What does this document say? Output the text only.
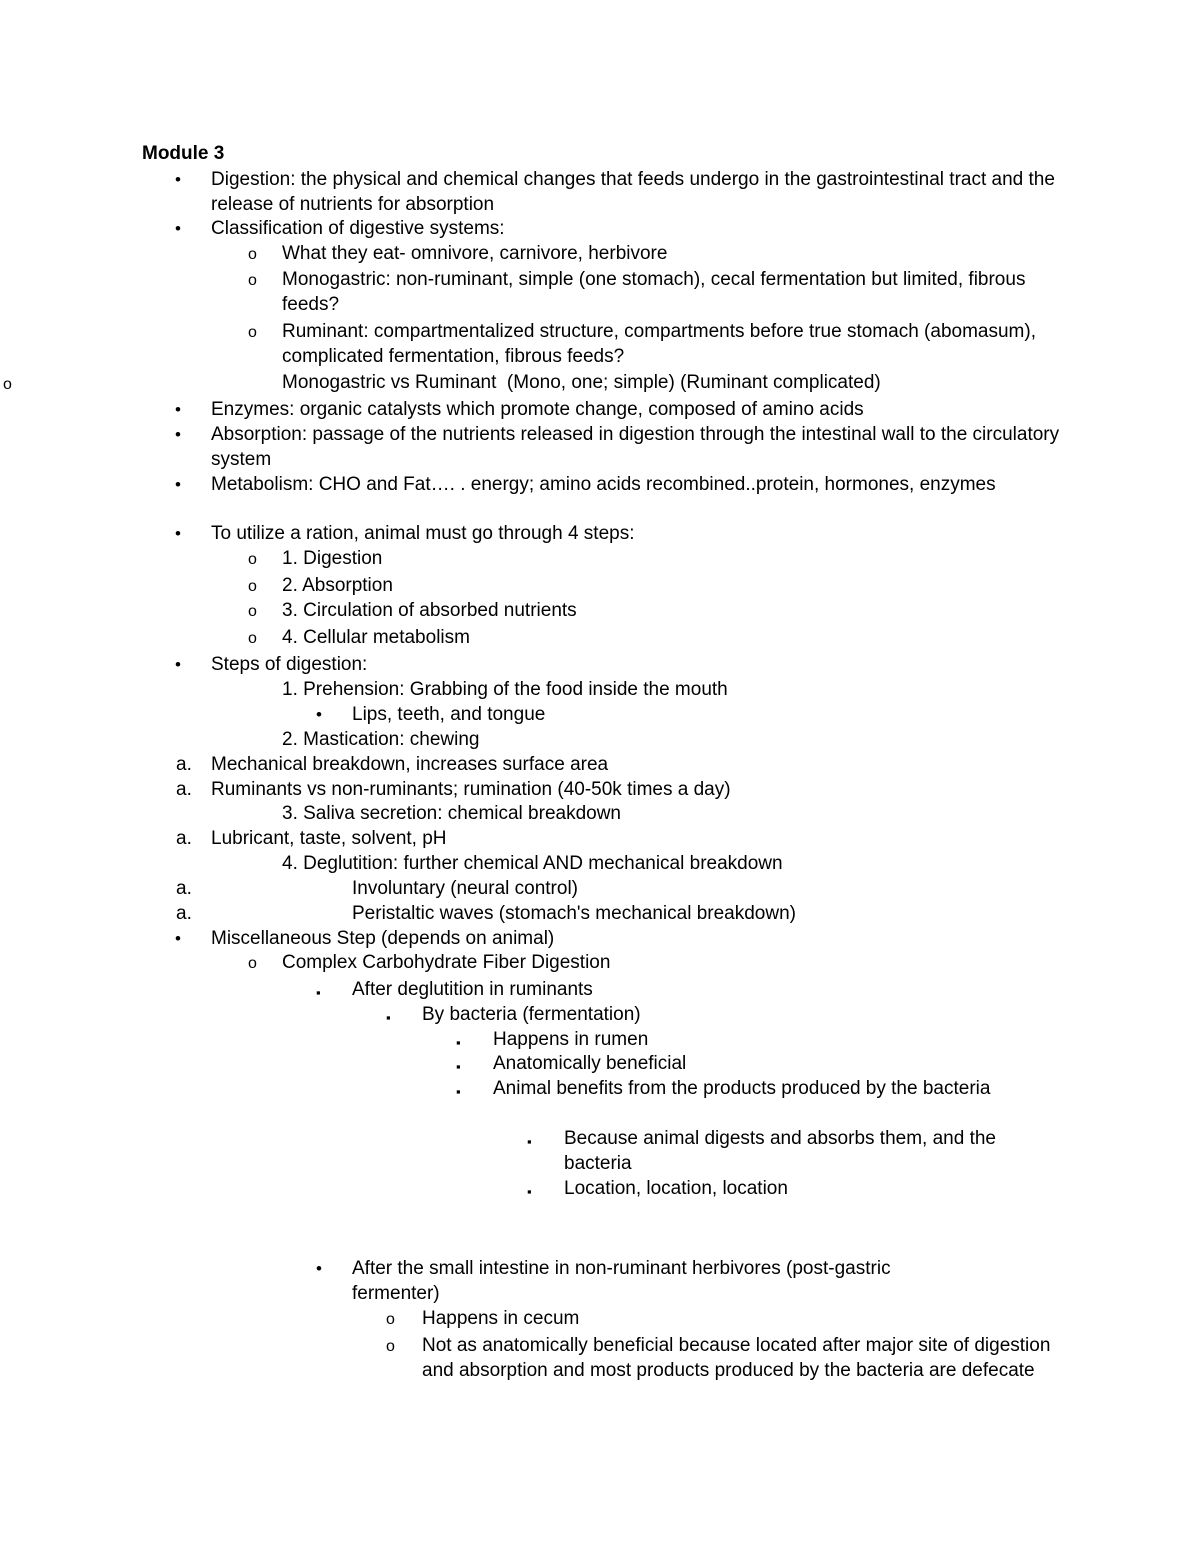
Module 3
• Digestion: the physical and chemical changes that feeds undergo in the gastrointestinal tract and the release of nutrients for absorption
• Classification of digestive systems:
o What they eat- omnivore, carnivore, herbivore
o Monogastric: non-ruminant, simple (one stomach), cecal fermentation but limited, fibrous feeds?
o Ruminant: compartmentalized structure, compartments before true stomach (abomasum), complicated fermentation, fibrous feeds?
Monogastric vs Ruminant  (Mono, one; simple) (Ruminant complicated)
• Enzymes: organic catalysts which promote change, composed of amino acids
• Absorption: passage of the nutrients released in digestion through the intestinal wall to the circulatory system
• Metabolism: CHO and Fat…. . energy; amino acids recombined..protein, hormones, enzymes
• To utilize a ration, animal must go through 4 steps:
o 1. Digestion
o 2. Absorption
o 3. Circulation of absorbed nutrients
o 4. Cellular metabolism
• Steps of digestion:
1. Prehension: Grabbing of the food inside the mouth
• Lips, teeth, and tongue
2. Mastication: chewing
a. Mechanical breakdown, increases surface area
a. Ruminants vs non-ruminants; rumination (40-50k times a day)
3. Saliva secretion: chemical breakdown
a. Lubricant, taste, solvent, pH
4. Deglutition: further chemical AND mechanical breakdown
a.	Involuntary (neural control)
a.	Peristaltic waves (stomach's mechanical breakdown)
• Miscellaneous Step (depends on animal)
o Complex Carbohydrate Fiber Digestion
▪ After deglutition in ruminants
▪ By bacteria (fermentation)
▪ Happens in rumen
▪ Anatomically beneficial
▪ Animal benefits from the products produced by the bacteria
▪ Because animal digests and absorbs them, and the bacteria
▪ Location, location, location
• After the small intestine in non-ruminant herbivores (post-gastric fermenter)
o Happens in cecum
o Not as anatomically beneficial because located after major site of digestion and absorption and most products produced by the bacteria are defecate
o
